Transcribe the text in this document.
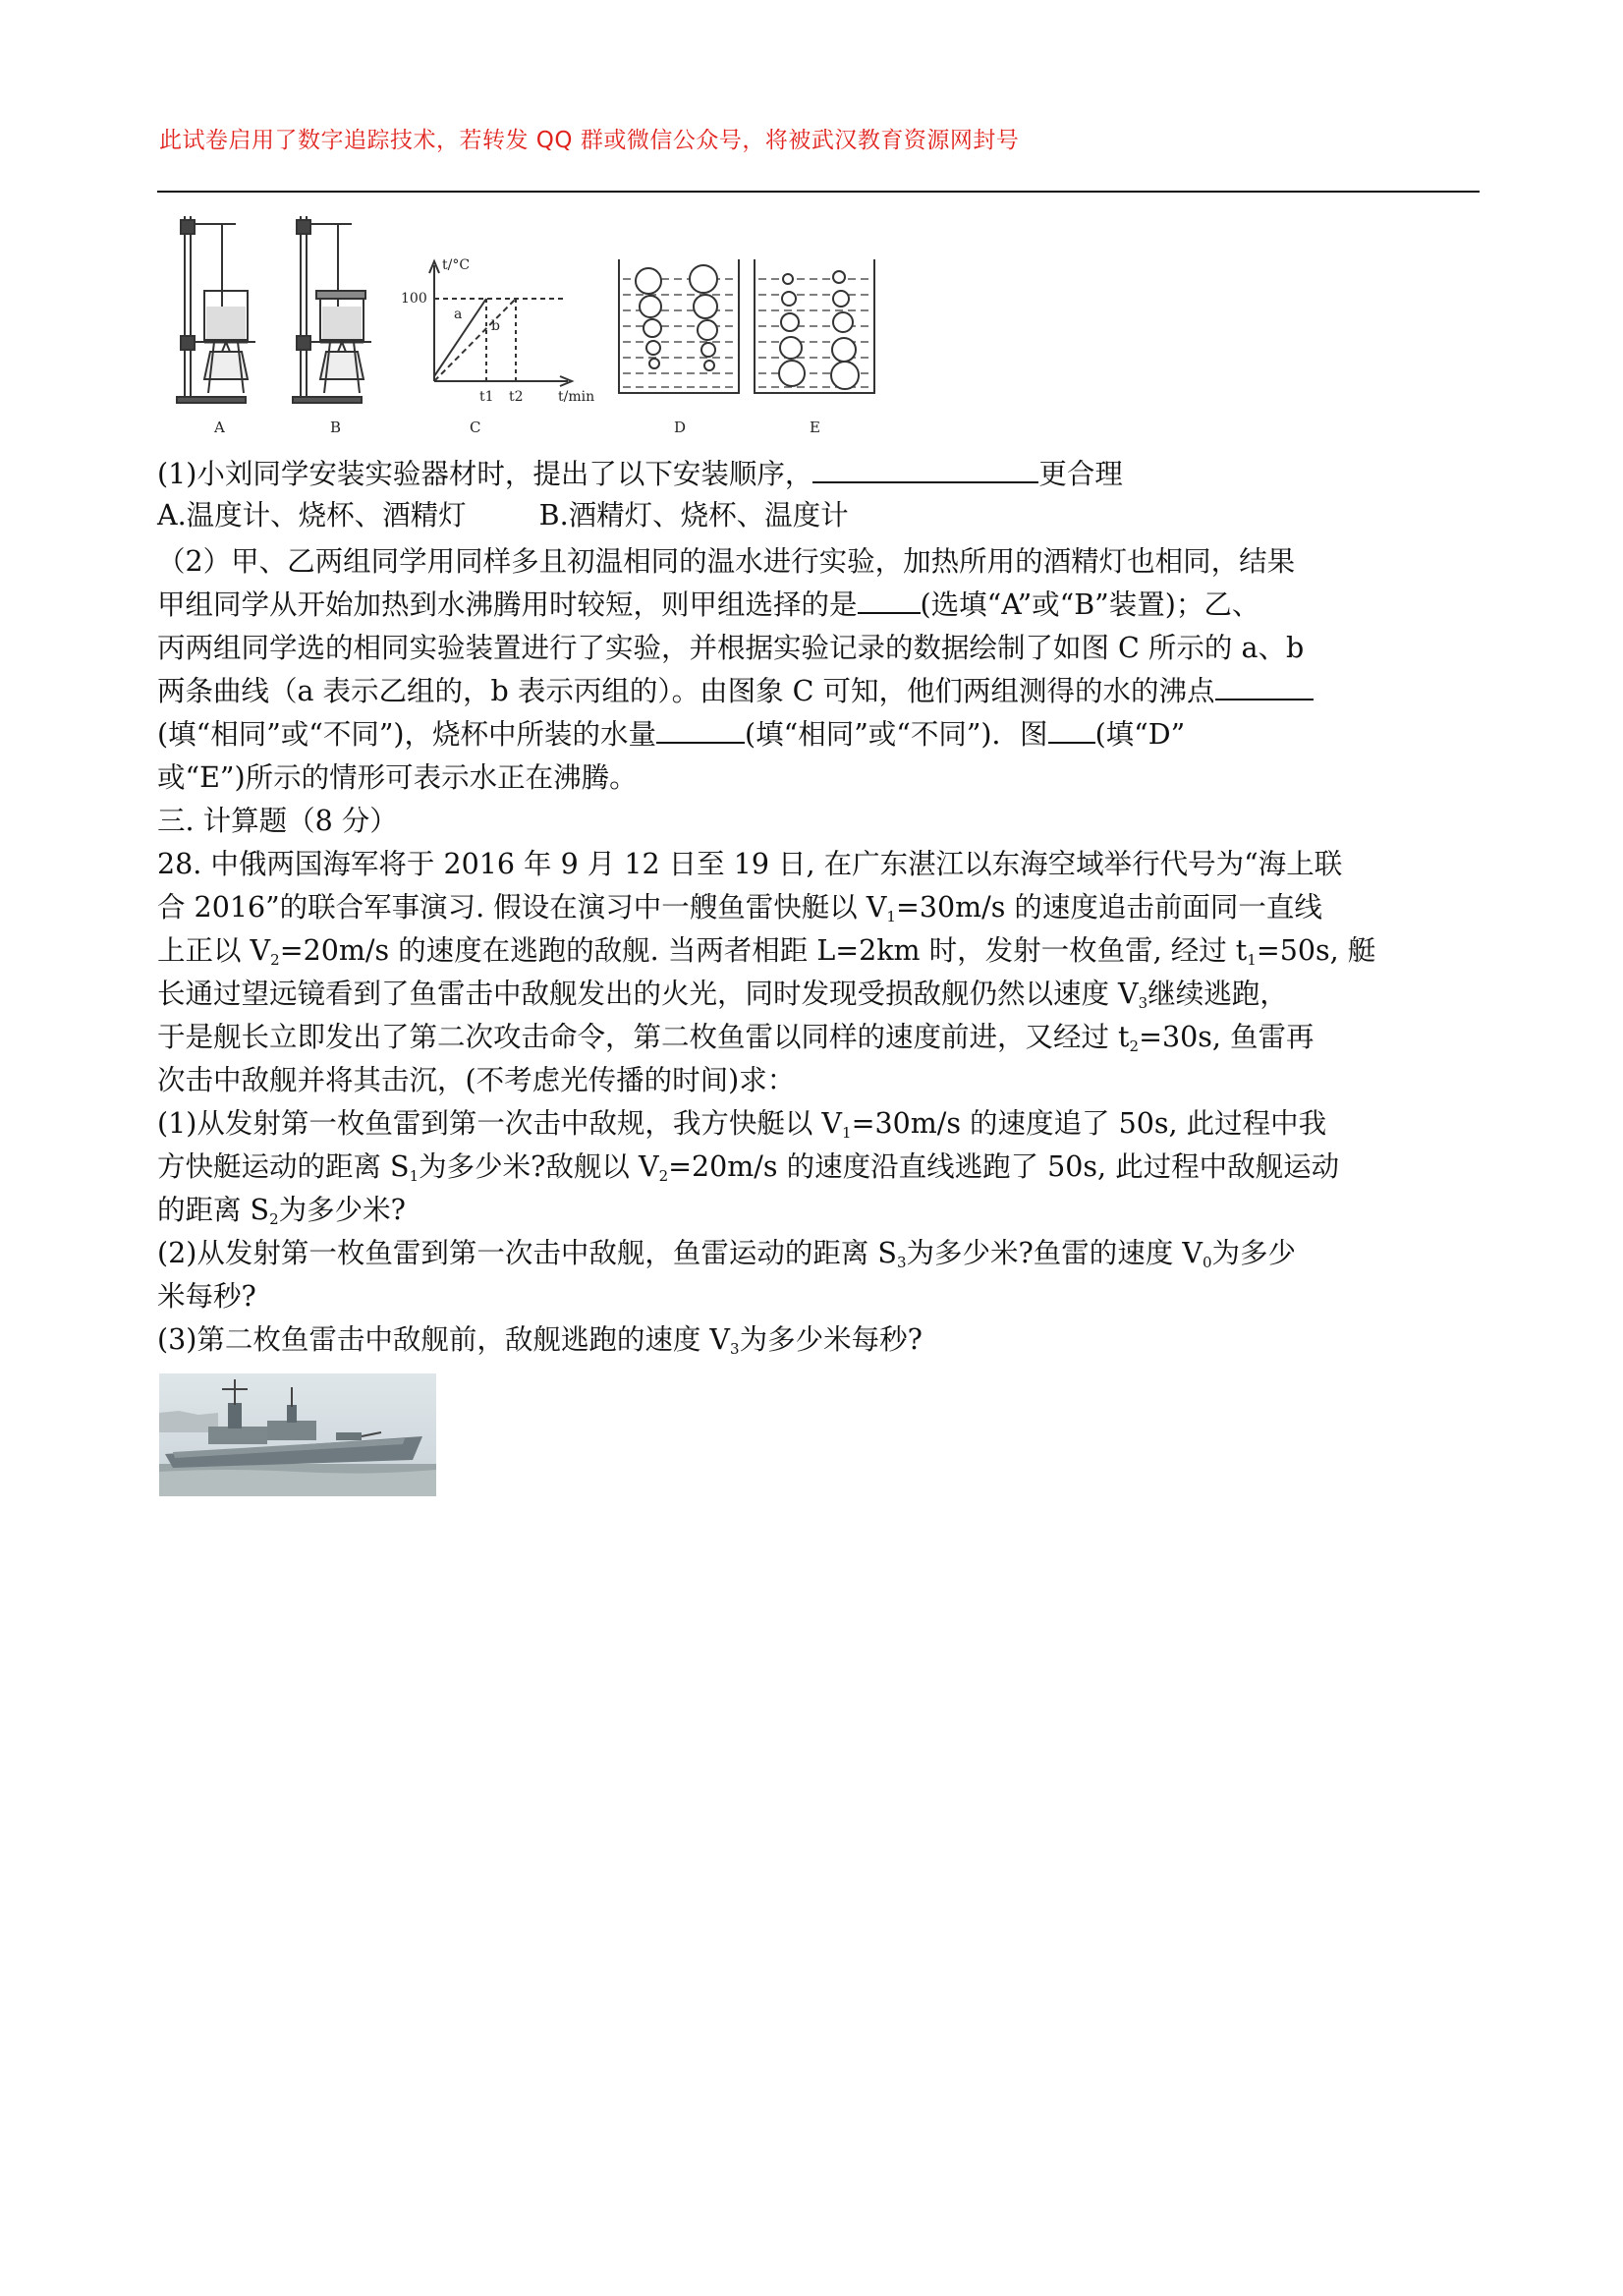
此试卷启用了数字追踪技术，若转发 QQ 群或微信公众号，将被武汉教育资源网封号
t/°C
100
a
b
t1 t2	t/min
A	B	C	D	E
(1)小刘同学安装实验器材时，提出了以下安装顺序，	更合理
A.温度计、烧杯、酒精灯	B.酒精灯、烧杯、温度计
（2）甲、乙两组同学用同样多且初温相同的温水进行实验，加热所用的酒精灯也相同，结果
甲组同学从开始加热到水沸腾用时较短，则甲组选择的是 (选填“A”或“B”装置)；乙、
丙两组同学选的相同实验装置进行了实验，并根据实验记录的数据绘制了如图 C 所示的 a、b
两条曲线（a 表示乙组的，b 表示丙组的）。由图象 C 可知，他们两组测得的水的沸点
(填“相同”或“不同”)，烧杯中所装的水量	(填“相同”或“不同”)．图 (填“D”
或“E”)所示的情形可表示水正在沸腾。
三. 计算题（8 分）
28. 中俄两国海军将于 2016 年 9 月 12 日至 19 日, 在广东湛江以东海空域举行代号为“海上联
合 2016”的联合军事演习. 假设在演习中一艘鱼雷快艇以 $V_1=30m/s$ 的速度追击前面同一直线
上正以 $V_2=20m/s$ 的速度在逃跑的敌舰. 当两者相距 L=2km 时，发射一枚鱼雷, 经过 $t_1=50s$, 艇
长通过望远镜看到了鱼雷击中敌舰发出的火光，同时发现受损敌舰仍然以速度 $V_3$继续逃跑，
于是舰长立即发出了第二次攻击命令，第二枚鱼雷以同样的速度前进，又经过 $t_2=30s$, 鱼雷再
次击中敌舰并将其击沉，(不考虑光传播的时间)求：
(1)从发射第一枚鱼雷到第一次击中敌规，我方快艇以 $V_1=30m/s$ 的速度追了 50s, 此过程中我
方快艇运动的距离 $S_1$为多少米?敌舰以 $V_2=20m/s$ 的速度沿直线逃跑了 50s, 此过程中敌舰运动
的距离 $S_2$为多少米?
(2)从发射第一枚鱼雷到第一次击中敌舰，鱼雷运动的距离 $S_3$为多少米?鱼雷的速度 $V_0$为多少
米每秒?
(3)第二枚鱼雷击中敌舰前，敌舰逃跑的速度 $V_3$为多少米每秒?
